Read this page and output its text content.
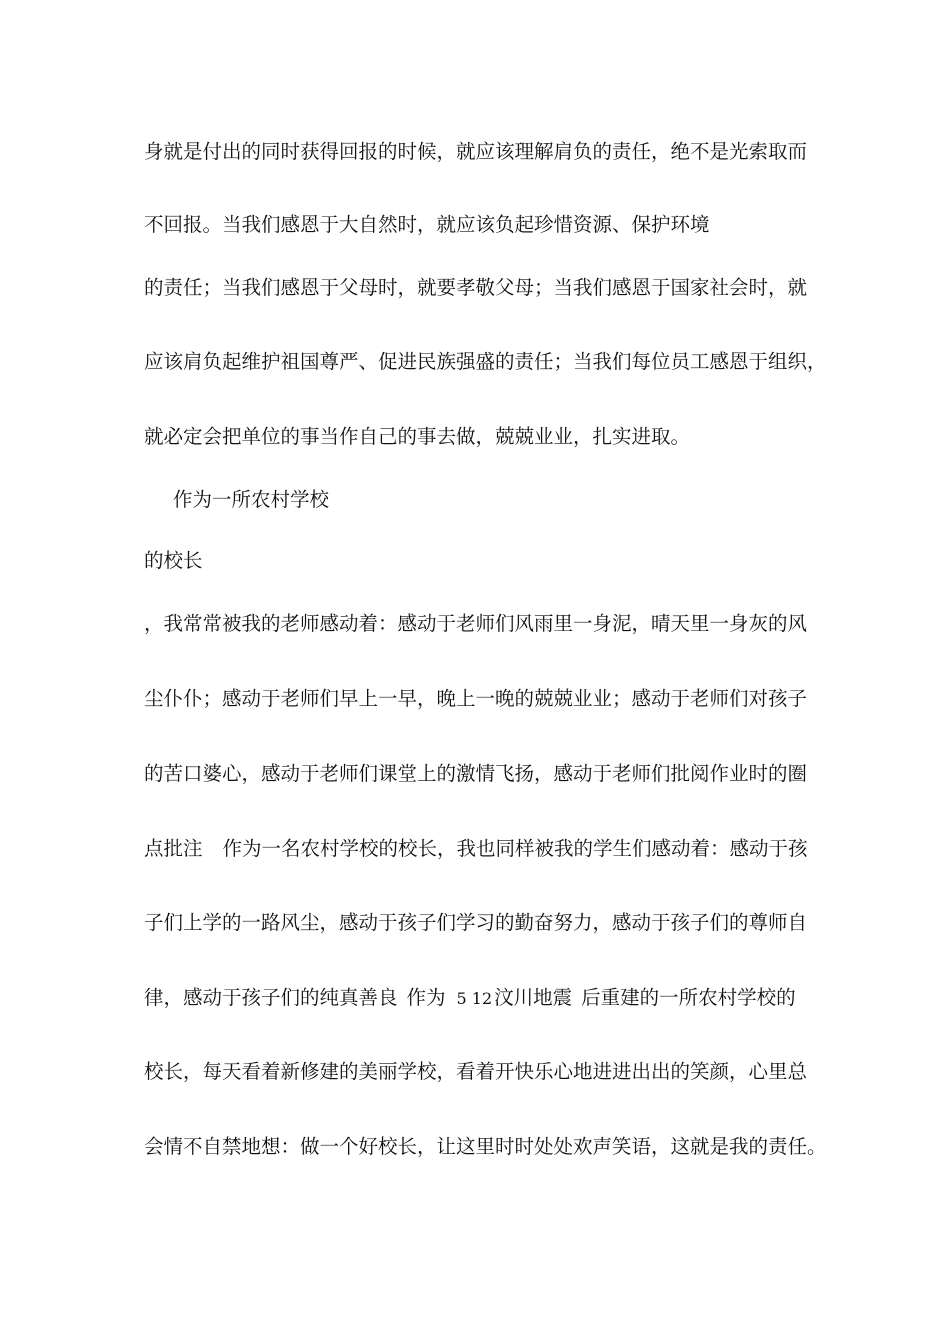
身就是付出的同时获得回报的时候，就应该理解肩负的责任，绝不是光索取而
不回报。当我们感恩于大自然时，就应该负起珍惜资源、保护环境
的责任；当我们感恩于父母时，就要孝敬父母；当我们感恩于国家社会时，就
应该肩负起维护祖国尊严、促进民族强盛的责任；当我们每位员工感恩于组织，
就必定会把单位的事当作自己的事去做，兢兢业业，扎实进取。
作为一所农村学校
的校长
，我常常被我的老师感动着：感动于老师们风雨里一身泥，晴天里一身灰的风
尘仆仆；感动于老师们早上一早，晚上一晚的兢兢业业；感动于老师们对孩子
的苦口婆心，感动于老师们课堂上的激情飞扬，感动于老师们批阅作业时的圈
点批注 作为一名农村学校的校长，我也同样被我的学生们感动着：感动于孩
子们上学的一路风尘，感动于孩子们学习的勤奋努力，感动于孩子们的尊师自
律，感动于孩子们的纯真善良 作为 5 12 汶川地震 后重建的一所农村学校的
校长，每天看着新修建的美丽学校，看着开快乐心地进进出出的笑颜，心里总
会情不自禁地想：做一个好校长，让这里时时处处欢声笑语，这就是我的责任。
